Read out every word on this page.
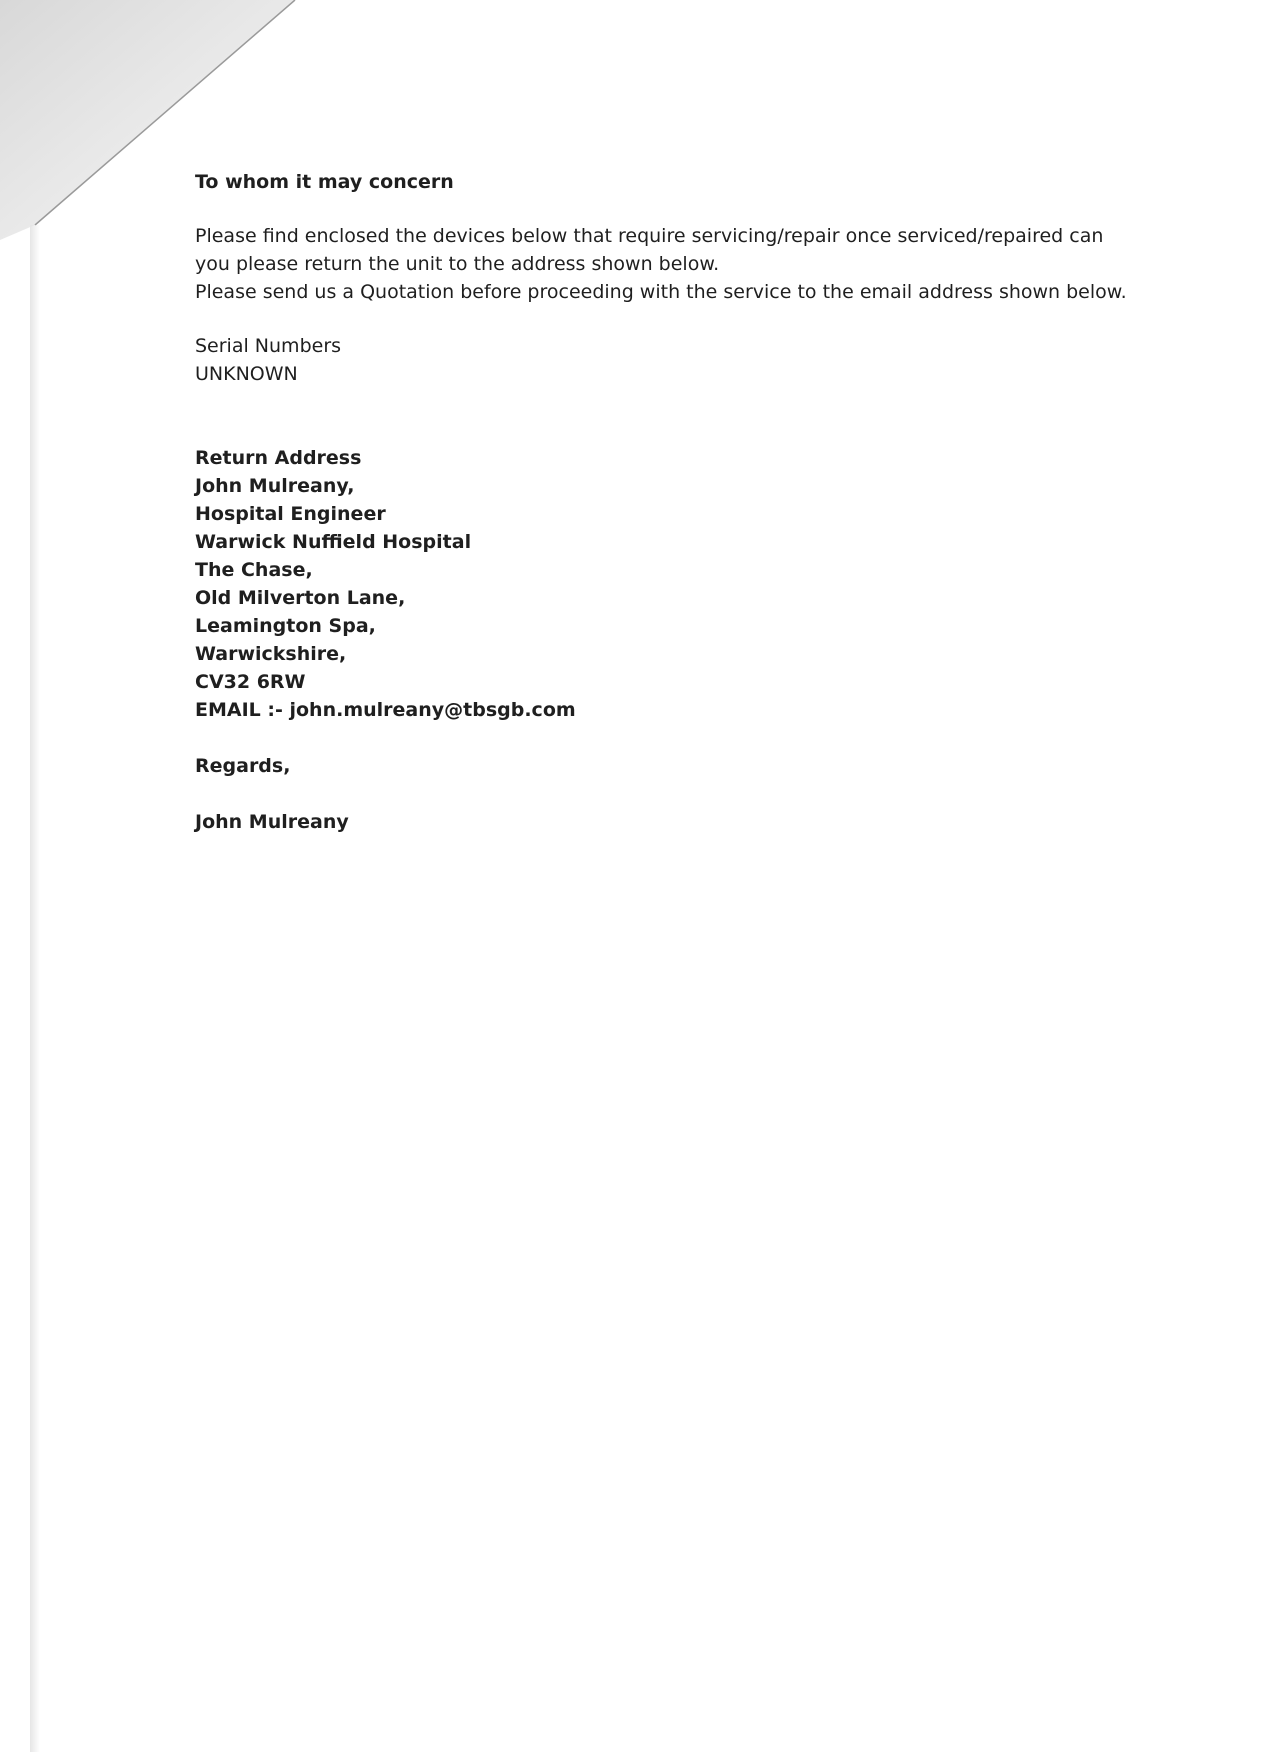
To whom it may concern
Please find enclosed the devices below that require servicing/repair once serviced/repaired can
you please return the unit to the address shown below.
Please send us a Quotation before proceeding with the service to the email address shown below.
Serial Numbers
UNKNOWN
Return Address
John Mulreany,
Hospital Engineer
Warwick Nuffield Hospital
The Chase,
Old Milverton Lane,
Leamington Spa,
Warwickshire,
CV32 6RW
EMAIL :- john.mulreany@tbsgb.com
Regards,
John Mulreany
